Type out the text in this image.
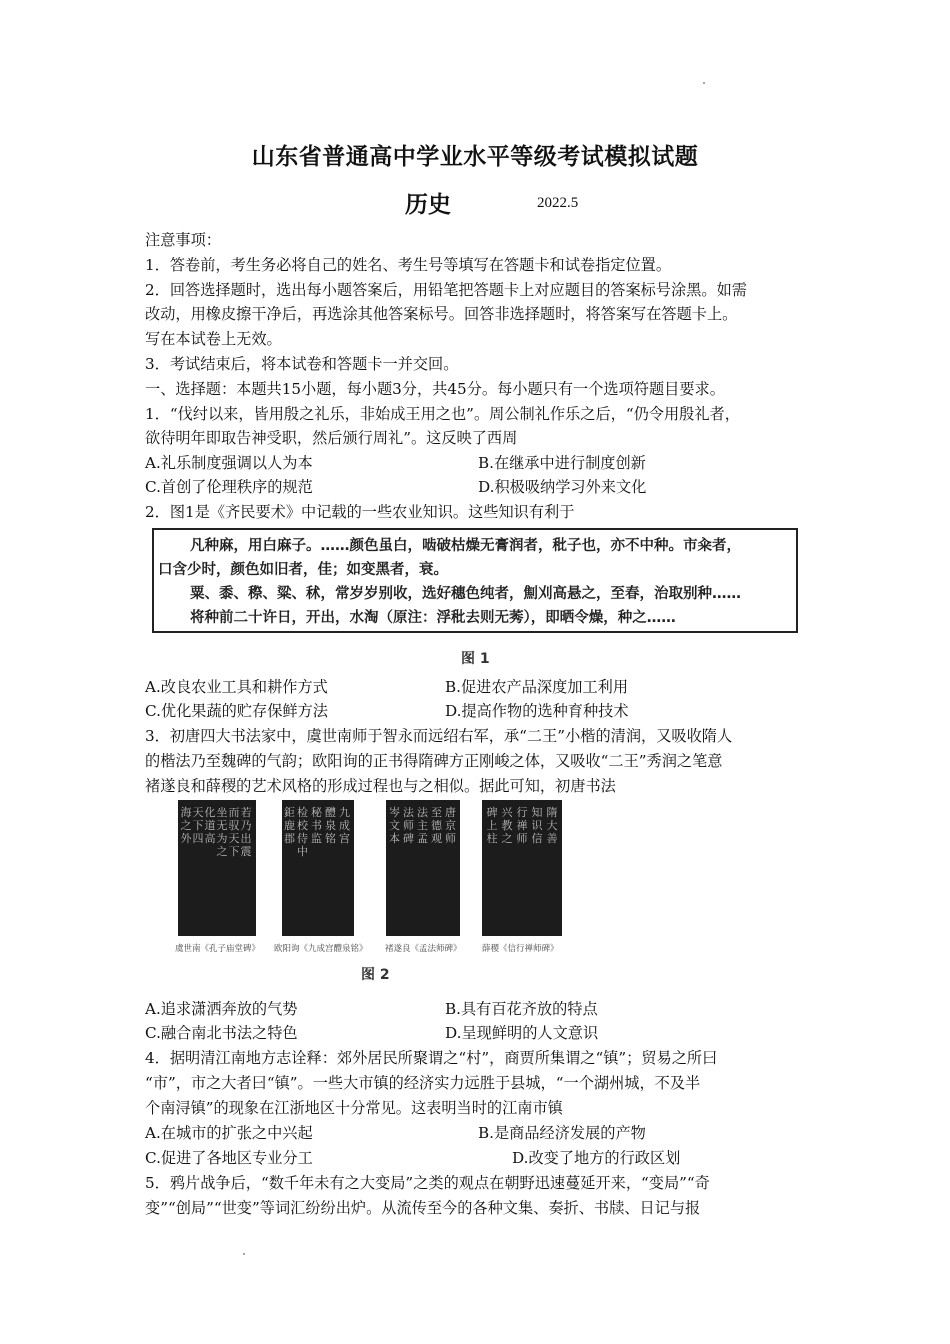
山东省普通高中学业水平等级考试模拟试题
历史	2022.5

注意事项：

1．答卷前，考生务必将自己的姓名、考生号等填写在答题卡和试卷指定位置。

2．回答选择题时，选出每小题答案后，用铅笔把答题卡上对应题目的答案标号涂黑。如需

改动，用橡皮擦干净后，再选涂其他答案标号。回答非选择题时，将答案写在答题卡上。

写在本试卷上无效。

3．考试结束后，将本试卷和答题卡一并交回。

一、选择题：本题共15小题，每小题3分，共45分。每小题只有一个选项符题目要求。

1．“伐纣以来，皆用殷之礼乐，非始成王用之也”。周公制礼作乐之后，“仍令用殷礼者，

欲待明年即取告神受职，然后颁行周礼”。这反映了西周

A.礼乐制度强调以人为本	B.在继承中进行制度创新
C.首创了伦理秩序的规范	D.积极吸纳学习外来文化
2．图1是《齐民要术》中记载的一些农业知识。这些知识有利于

凡种麻，用白麻子。……颜色虽白，啮破枯燥无膏润者，秕子也，亦不中种。市籴者，

口含少时，颜色如旧者，佳；如变黑者，衰。

粟、黍、穄、粱、秫，常岁岁别收，选好穗色纯者，劁刈高悬之，至春，治取别种……

将种前二十许日，开出，水淘（原注：浮秕去则无莠），即晒令燥，种之……

图 1
A.改良农业工具和耕作方式	B.促进农产品深度加工利用
C.优化果蔬的贮存保鲜方法	D.提高作物的选种育种技术

3．初唐四大书法家中，虞世南师于智永而远绍右军，承“二王”小楷的清润，又吸收隋人

的楷法乃至魏碑的气韵；欧阳询的正书得隋碑方正刚峻之体，又吸收“二王”秀润之笔意

褚遂良和薛稷的艺术风格的形成过程也与之相似。据此可知，初唐书法

若乃出震
而驭天下
坐无为之
化道高
天下四
海之外
九成宫
醴泉铭
秘书监
检校侍中
鉅鹿郡
唐京师
至德观
法主孟
法师碑
岑文本
隋大善
知识信
行禅师
兴教之
碑上柱
虞世南《孔子庙堂碑》 欧阳询《九成宫醴泉铭》 褚遂良《孟法师碑》 薛稷《信行禅师碑》
图 2
A.追求潇洒奔放的气势	B.具有百花齐放的特点
C.融合南北书法之特色	D.呈现鲜明的人文意识

4．据明清江南地方志诠释：郊外居民所聚谓之“村”，商贾所集谓之“镇”；贸易之所曰

“市”，市之大者曰“镇”。一些大市镇的经济实力远胜于县城，“一个湖州城，不及半

个南浔镇”的现象在江浙地区十分常见。这表明当时的江南市镇

A.在城市的扩张之中兴起	B.是商品经济发展的产物
C.促进了各地区专业分工	D.改变了地方的行政区划

5．鸦片战争后，“数千年未有之大变局”之类的观点在朝野迅速蔓延开来，“变局”“奇

变”“创局”“世变”等词汇纷纷出炉。从流传至今的各种文集、奏折、书牍、日记与报
